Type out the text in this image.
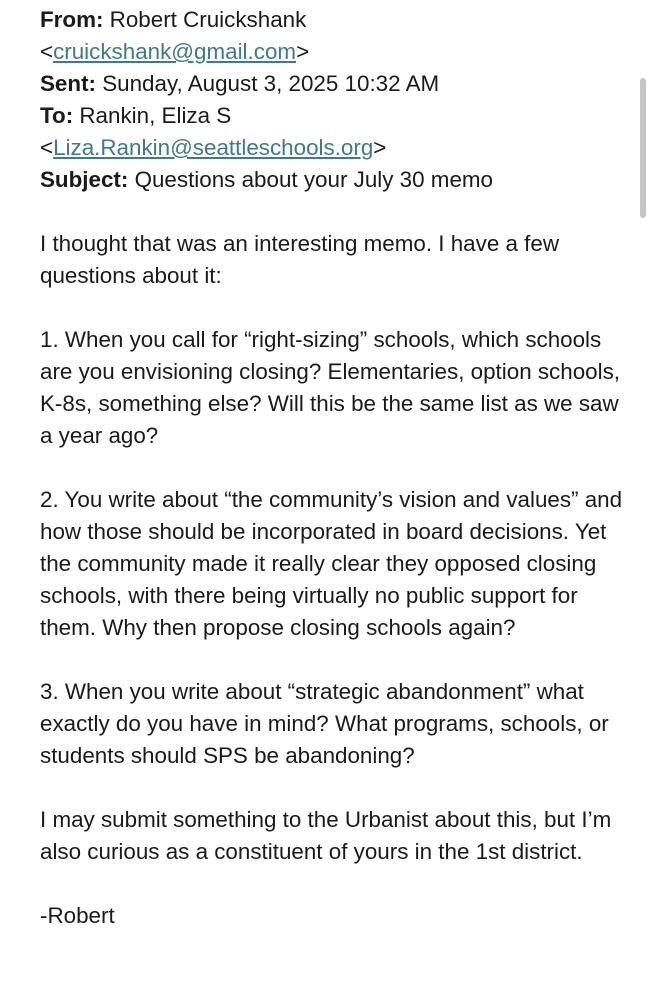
From: Robert Cruickshank
<cruickshank@gmail.com>
Sent: Sunday, August 3, 2025 10:32 AM
To: Rankin, Eliza S
<Liza.Rankin@seattleschools.org>
Subject: Questions about your July 30 memo

I thought that was an interesting memo. I have a few questions about it:

1. When you call for “right-sizing” schools, which schools are you envisioning closing? Elementaries, option schools, K-8s, something else? Will this be the same list as we saw a year ago?

2. You write about “the community’s vision and values” and how those should be incorporated in board decisions. Yet the community made it really clear they opposed closing schools, with there being virtually no public support for them. Why then propose closing schools again?

3. When you write about “strategic abandonment” what exactly do you have in mind? What programs, schools, or students should SPS be abandoning?

I may submit something to the Urbanist about this, but I’m also curious as a constituent of yours in the 1st district.

-Robert
